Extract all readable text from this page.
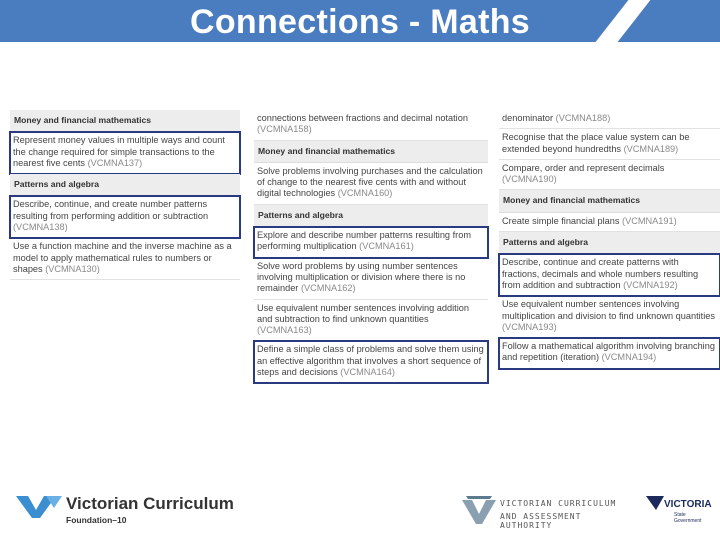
Connections - Maths
Money and financial mathematics
Represent money values in multiple ways and count the change required for simple transactions to the nearest five cents (VCMNA137)
Patterns and algebra
Describe, continue, and create number patterns resulting from performing addition or subtraction (VCMNA138)
Use a function machine and the inverse machine as a model to apply mathematical rules to numbers or shapes (VCMNA130)
connections between fractions and decimal notation (VCMNA158)
Money and financial mathematics
Solve problems involving purchases and the calculation of change to the nearest five cents with and without digital technologies (VCMNA160)
Patterns and algebra
Explore and describe number patterns resulting from performing multiplication (VCMNA161)
Solve word problems by using number sentences involving multiplication or division where there is no remainder (VCMNA162)
Use equivalent number sentences involving addition and subtraction to find unknown quantities (VCMNA163)
Define a simple class of problems and solve them using an effective algorithm that involves a short sequence of steps and decisions (VCMNA164)
denominator (VCMNA188)
Recognise that the place value system can be extended beyond hundredths (VCMNA189)
Compare, order and represent decimals (VCMNA190)
Money and financial mathematics
Create simple financial plans (VCMNA191)
Patterns and algebra
Describe, continue and create patterns with fractions, decimals and whole numbers resulting from addition and subtraction (VCMNA192)
Use equivalent number sentences involving multiplication and division to find unknown quantities (VCMNA193)
Follow a mathematical algorithm involving branching and repetition (iteration) (VCMNA194)
Victorian Curriculum
Foundation–10
VICTORIAN CURRICULUM
AND ASSESSMENT AUTHORITY
VICTORIA
State
Government
